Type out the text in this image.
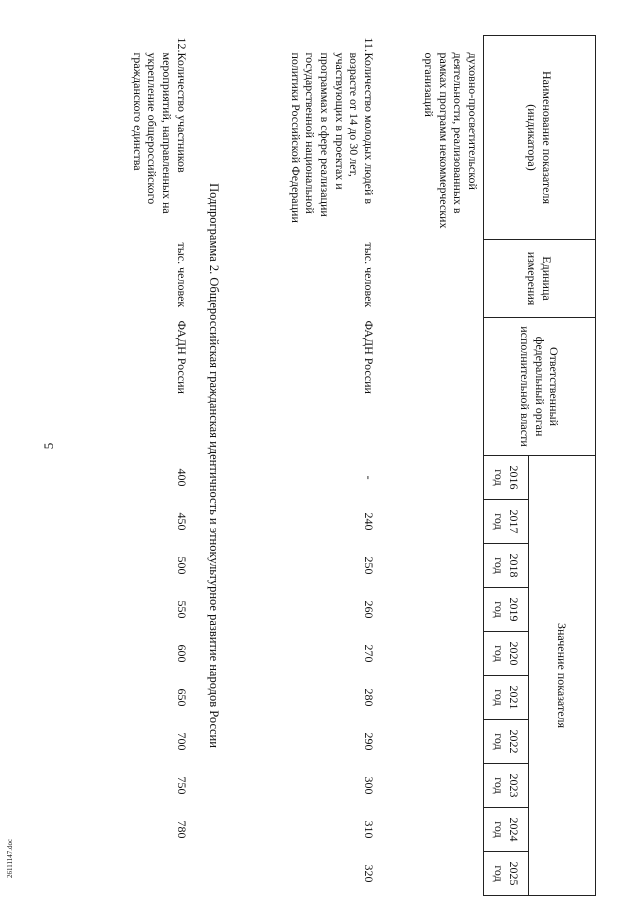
5
26111147.doc
Наименование показателя (индикатора)		Единица измерения	Ответственный федеральный орган исполнительной власти	Значение показателя									
				2016 год	2017 год	2018 год	2019 год	2020 год	2021 год	2022 год	2023 год	2024 год	2025 год
	духовно-просветительской деятельности, реализованных в рамках программ некоммерческих организаций												
11.	Количество молодых людей в возрасте от 14 до 30 лет, участвующих в проектах и программах в сфере реализации государственной национальной политики Российской Федерации	тыс. человек	ФАДН России	-	240	250	260	270	280	290	300	310	320
Подпрограмма 2. Общероссийская гражданская идентичность и этнокультурное развитие народов России													
12.	Количество участников мероприятий, направленных на укрепление общероссийского гражданского единства	тыс. человек	ФАДН России	400	450	500	550	600	650	700	750	780	
